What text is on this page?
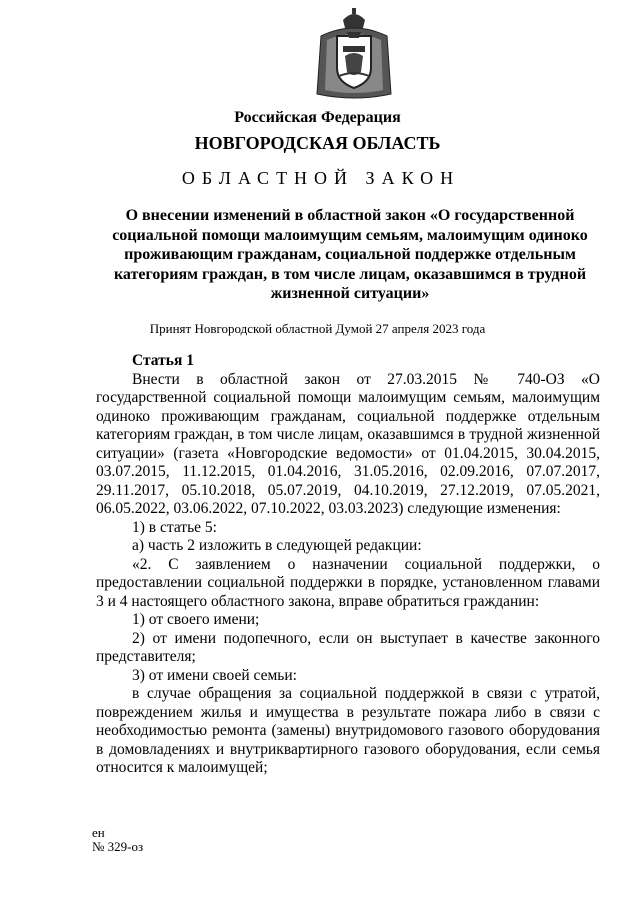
Российская Федерация
НОВГОРОДСКАЯ ОБЛАСТЬ
ОБЛАСТНОЙ ЗАКОН
О внесении изменений в областной закон «О государственной социальной помощи малоимущим семьям, малоимущим одиноко проживающим гражданам, социальной поддержке отдельным категориям граждан, в том числе лицам, оказавшимся в трудной жизненной ситуации»
Принят Новгородской областной Думой 27 апреля 2023 года

Статья 1

Внести в областной закон от 27.03.2015 № 740-ОЗ «О государственной социальной помощи малоимущим семьям, малоимущим одиноко проживающим гражданам, социальной поддержке отдельным категориям граждан, в том числе лицам, оказавшимся в трудной жизненной ситуации» (газета «Новгородские ведомости» от 01.04.2015, 30.04.2015, 03.07.2015, 11.12.2015, 01.04.2016, 31.05.2016, 02.09.2016, 07.07.2017, 29.11.2017, 05.10.2018, 05.07.2019, 04.10.2019, 27.12.2019, 07.05.2021, 06.05.2022, 03.06.2022, 07.10.2022, 03.03.2023) следующие изменения:

1) в статье 5:

а) часть 2 изложить в следующей редакции:

«2. С заявлением о назначении социальной поддержки, о предоставлении социальной поддержки в порядке, установленном главами 3 и 4 настоящего областного закона, вправе обратиться гражданин:

1) от своего имени;

2) от имени подопечного, если он выступает в качестве законного представителя;

3) от имени своей семьи:

в случае обращения за социальной поддержкой в связи с утратой, повреждением жилья и имущества в результате пожара либо в связи с необходимостью ремонта (замены) внутридомового газового оборудования в домовладениях и внутриквартирного газового оборудования, если семья относится к малоимущей;

ен
№ 329-оз
